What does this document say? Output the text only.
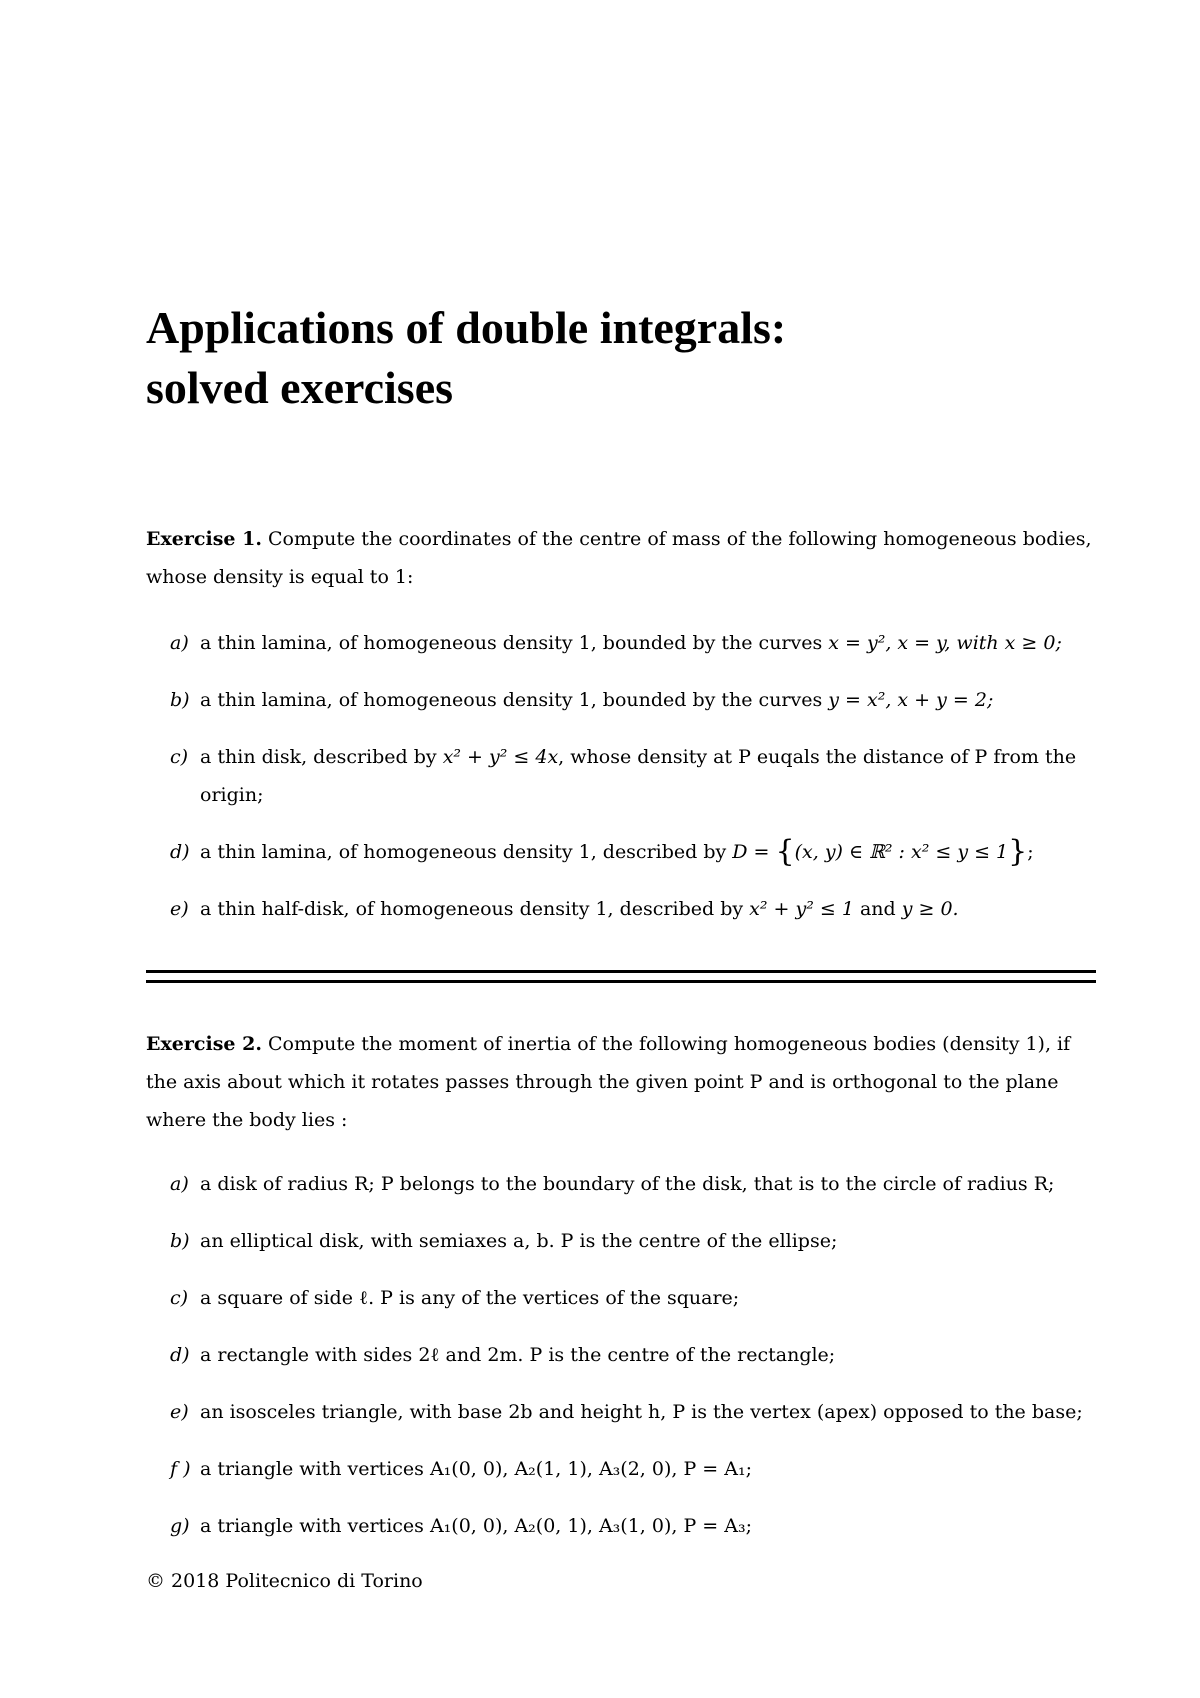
Applications of double integrals:
solved exercises

Exercise 1. Compute the coordinates of the centre of mass of the following homogeneous bodies, whose density is equal to 1:

a) a thin lamina, of homogeneous density 1, bounded by the curves x = y², x = y, with x ≥ 0;
b) a thin lamina, of homogeneous density 1, bounded by the curves y = x², x + y = 2;
c) a thin disk, described by x² + y² ≤ 4x, whose density at P euqals the distance of P from the origin;
d) a thin lamina, of homogeneous density 1, described by D = {(x, y) ∈ ℝ² : x² ≤ y ≤ 1};
e) a thin half-disk, of homogeneous density 1, described by x² + y² ≤ 1 and y ≥ 0.

Exercise 2. Compute the moment of inertia of the following homogeneous bodies (density 1), if the axis about which it rotates passes through the given point P and is orthogonal to the plane where the body lies :

a) a disk of radius R; P belongs to the boundary of the disk, that is to the circle of radius R;
b) an elliptical disk, with semiaxes a, b. P is the centre of the ellipse;
c) a square of side ℓ. P is any of the vertices of the square;
d) a rectangle with sides 2ℓ and 2m. P is the centre of the rectangle;
e) an isosceles triangle, with base 2b and height h, P is the vertex (apex) opposed to the base;
f ) a triangle with vertices A₁(0, 0), A₂(1, 1), A₃(2, 0), P = A₁;
g) a triangle with vertices A₁(0, 0), A₂(0, 1), A₃(1, 0), P = A₃;
© 2018 Politecnico di Torino
